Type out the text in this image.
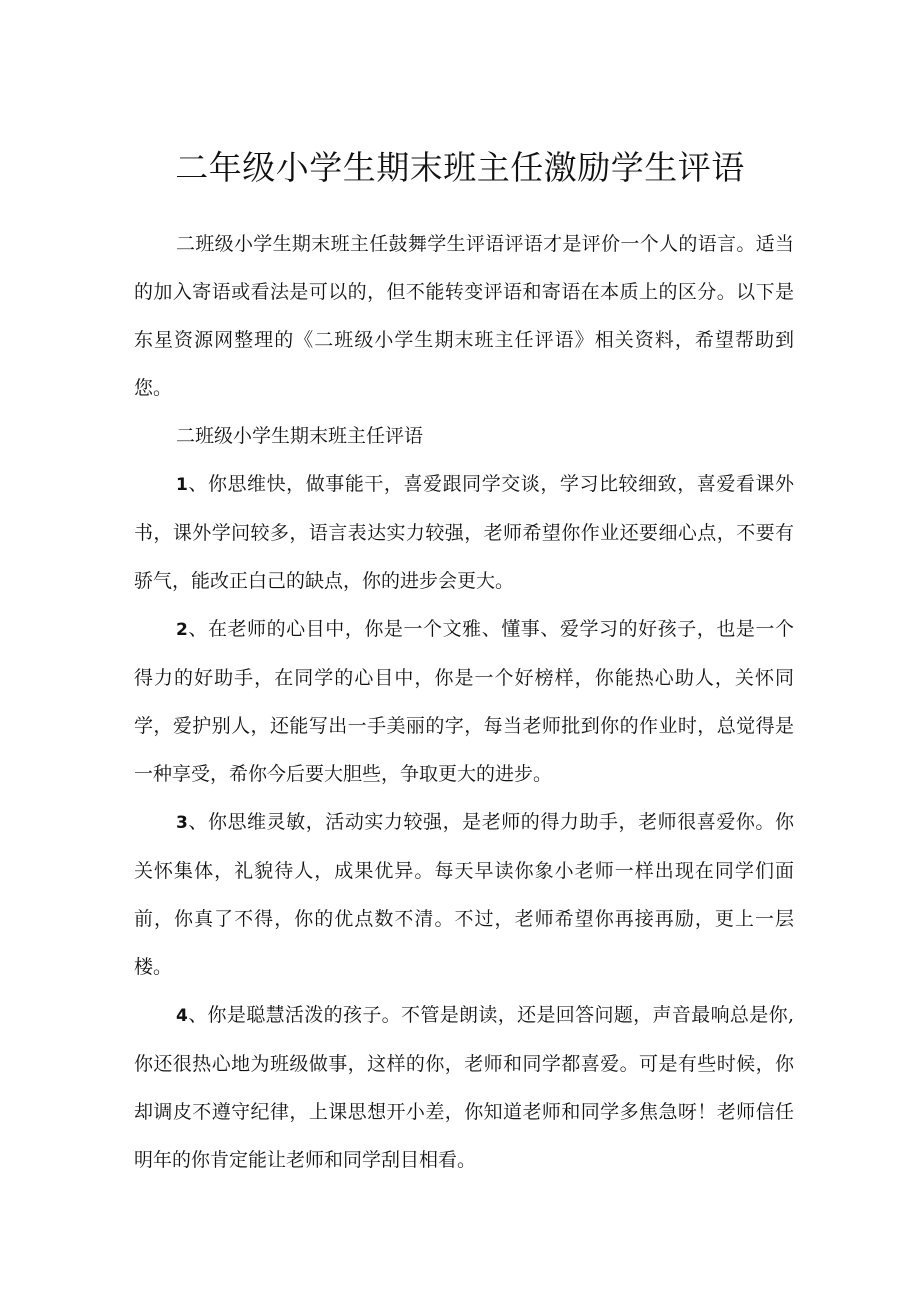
二年级小学生期末班主任激励学生评语

二班级小学生期末班主任鼓舞学生评语评语才是评价一个人的语言。适当的加入寄语或看法是可以的，但不能转变评语和寄语在本质上的区分。以下是东星资源网整理的《二班级小学生期末班主任评语》相关资料，希望帮助到您。

二班级小学生期末班主任评语

1、你思维快，做事能干，喜爱跟同学交谈，学习比较细致，喜爱看课外书，课外学问较多，语言表达实力较强，老师希望你作业还要细心点，不要有骄气，能改正白己的缺点，你的进步会更大。

2、在老师的心目中，你是一个文雅、懂事、爱学习的好孩子，也是一个得力的好助手，在同学的心目中，你是一个好榜样，你能热心助人，关怀同学，爱护别人，还能写出一手美丽的字，每当老师批到你的作业时，总觉得是一种享受，希你今后要大胆些，争取更大的进步。

3、你思维灵敏，活动实力较强，是老师的得力助手，老师很喜爱你。你关怀集体，礼貌待人，成果优异。每天早读你象小老师一样出现在同学们面前，你真了不得，你的优点数不清。不过，老师希望你再接再励，更上一层楼。

4、你是聪慧活泼的孩子。不管是朗读，还是回答问题，声音最响总是你, 你还很热心地为班级做事，这样的你，老师和同学都喜爱。可是有些时候，你却调皮不遵守纪律，上课思想开小差，你知道老师和同学多焦急呀！老师信任明年的你肯定能让老师和同学刮目相看。
